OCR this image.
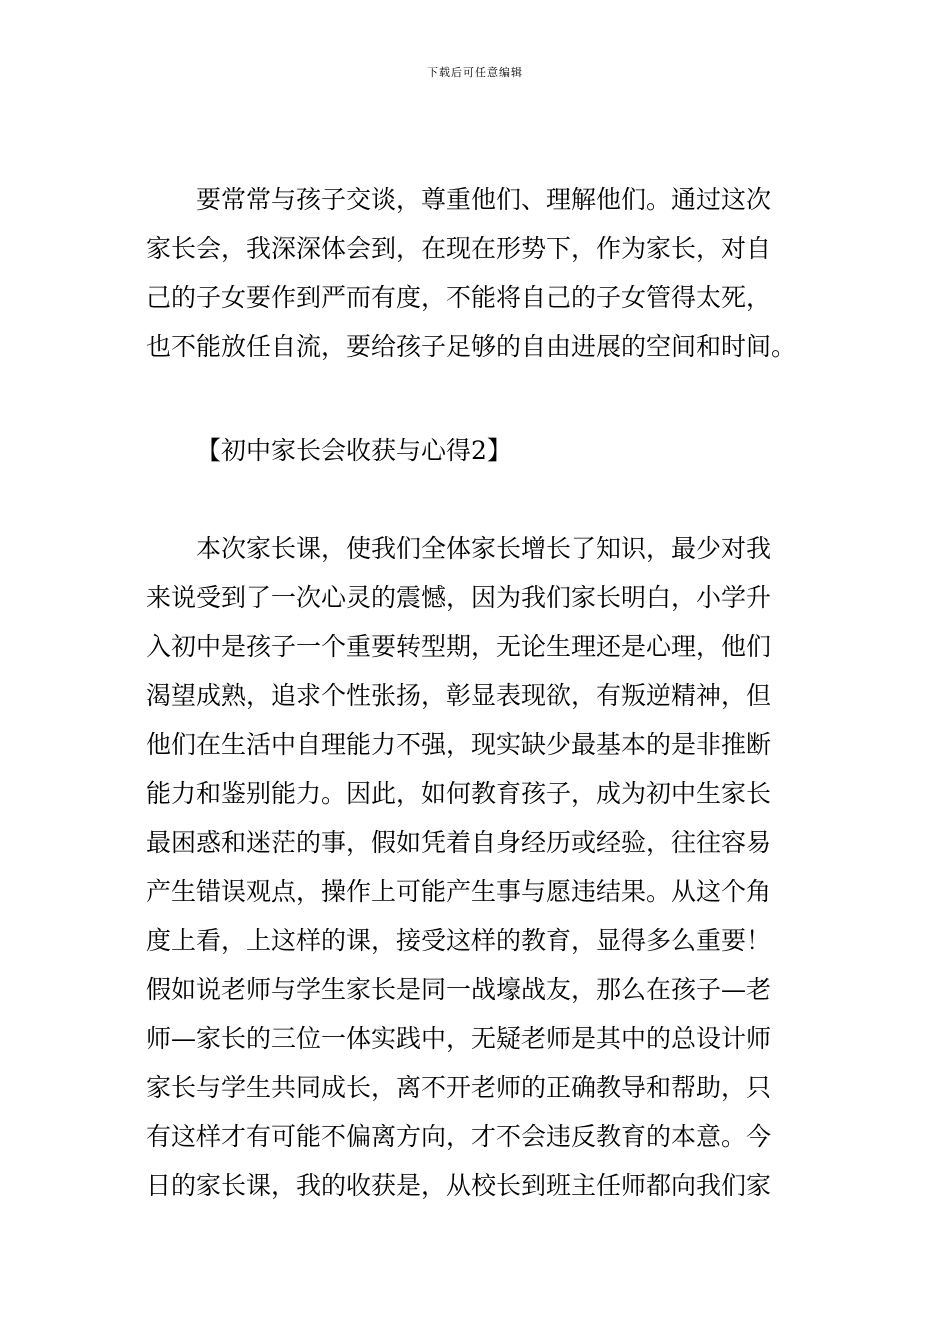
下载后可任意编辑
　　要常常与孩子交谈，尊重他们、理解他们。通过这次
家长会，我深深体会到，在现在形势下，作为家长，对自
己的子女要作到严而有度，不能将自己的子女管得太死，
也不能放任自流，要给孩子足够的自由进展的空间和时间。
【初中家长会收获与心得2】
　　本次家长课，使我们全体家长增长了知识，最少对我
来说受到了一次心灵的震憾，因为我们家长明白，小学升
入初中是孩子一个重要转型期，无论生理还是心理，他们
渴望成熟，追求个性张扬，彰显表现欲，有叛逆精神，但
他们在生活中自理能力不强，现实缺少最基本的是非推断
能力和鉴别能力。因此，如何教育孩子，成为初中生家长
最困惑和迷茫的事，假如凭着自身经历或经验，往往容易
产生错误观点，操作上可能产生事与愿违结果。从这个角
度上看，上这样的课，接受这样的教育，显得多么重要！
假如说老师与学生家长是同一战壕战友，那么在孩子—老
师—家长的三位一体实践中，无疑老师是其中的总设计师
家长与学生共同成长，离不开老师的正确教导和帮助，只
有这样才有可能不偏离方向，才不会违反教育的本意。今
日的家长课，我的收获是，从校长到班主任师都向我们家
